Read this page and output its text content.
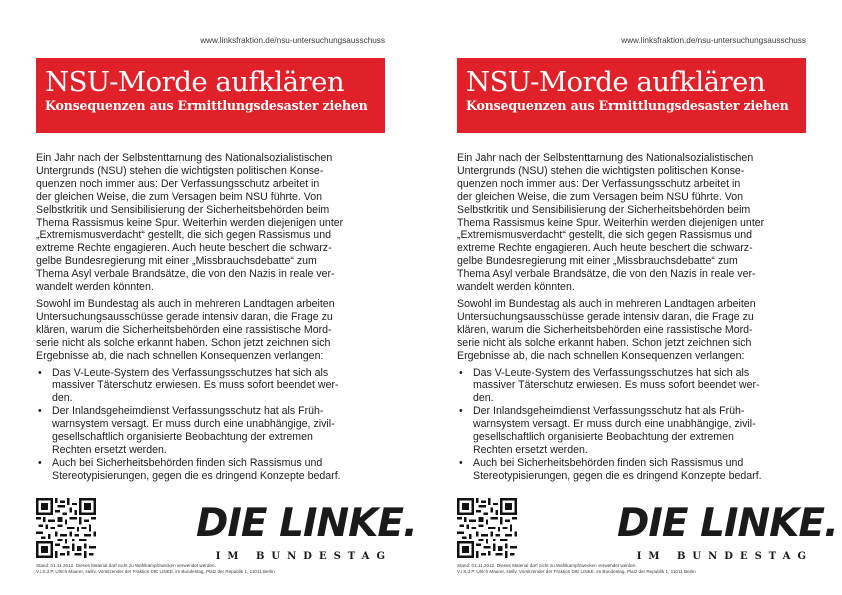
www.linksfraktion.de/nsu-untersuchungsausschuss
NSU-Morde aufklären
Konsequenzen aus Ermittlungsdesaster ziehen

Ein Jahr nach der Selbstenttarnung des Nationalsozialistischen
Untergrunds (NSU) stehen die wichtigsten politischen Konse-
quenzen noch immer aus: Der Verfassungsschutz arbeitet in
der gleichen Weise, die zum Versagen beim NSU führte. Von
Selbstkritik und Sensibilisierung der Sicherheitsbehörden beim
Thema Rassismus keine Spur. Weiterhin werden diejenigen unter
„Extremismusverdacht“ gestellt, die sich gegen Rassismus und
extreme Rechte engagieren. Auch heute beschert die schwarz-
gelbe Bundesregierung mit einer „Missbrauchsdebatte“ zum
Thema Asyl verbale Brandsätze, die von den Nazis in reale ver-
wandelt werden könnten.

Sowohl im Bundestag als auch in mehreren Landtagen arbeiten
Untersuchungsausschüsse gerade intensiv daran, die Frage zu
klären, warum die Sicherheitsbehörden eine rassistische Mord-
serie nicht als solche erkannt haben. Schon jetzt zeichnen sich
Ergebnisse ab, die nach schnellen Konsequenzen verlangen:

• Das V-Leute-System des Verfassungsschutzes hat sich als
massiver Täterschutz erwiesen. Es muss sofort beendet wer-
den.
• Der Inlandsgeheimdienst Verfassungsschutz hat als Früh-
warnsystem versagt. Er muss durch eine unabhängige, zivil-
gesellschaftlich organisierte Beobachtung der extremen
Rechten ersetzt werden.
• Auch bei Sicherheitsbehörden finden sich Rassismus und
Stereotypisierungen, gegen die es dringend Konzepte bedarf.
DIE LINKE.
IM BUNDESTAG
Stand: 01.11.2012. Dieses Material darf nicht zu Wahlkampfzwecken verwendet werden.
V.i.S.d.P. Ulrich Maurer, stellv. Vorsitzender der Fraktion DIE LINKE. im Bundestag, Platz der Republik 1, 11011 Berlin
www.linksfraktion.de/nsu-untersuchungsausschuss
NSU-Morde aufklären
Konsequenzen aus Ermittlungsdesaster ziehen

Ein Jahr nach der Selbstenttarnung des Nationalsozialistischen
Untergrunds (NSU) stehen die wichtigsten politischen Konse-
quenzen noch immer aus: Der Verfassungsschutz arbeitet in
der gleichen Weise, die zum Versagen beim NSU führte. Von
Selbstkritik und Sensibilisierung der Sicherheitsbehörden beim
Thema Rassismus keine Spur. Weiterhin werden diejenigen unter
„Extremismusverdacht“ gestellt, die sich gegen Rassismus und
extreme Rechte engagieren. Auch heute beschert die schwarz-
gelbe Bundesregierung mit einer „Missbrauchsdebatte“ zum
Thema Asyl verbale Brandsätze, die von den Nazis in reale ver-
wandelt werden könnten.

Sowohl im Bundestag als auch in mehreren Landtagen arbeiten
Untersuchungsausschüsse gerade intensiv daran, die Frage zu
klären, warum die Sicherheitsbehörden eine rassistische Mord-
serie nicht als solche erkannt haben. Schon jetzt zeichnen sich
Ergebnisse ab, die nach schnellen Konsequenzen verlangen:

• Das V-Leute-System des Verfassungsschutzes hat sich als
massiver Täterschutz erwiesen. Es muss sofort beendet wer-
den.
• Der Inlandsgeheimdienst Verfassungsschutz hat als Früh-
warnsystem versagt. Er muss durch eine unabhängige, zivil-
gesellschaftlich organisierte Beobachtung der extremen
Rechten ersetzt werden.
• Auch bei Sicherheitsbehörden finden sich Rassismus und
Stereotypisierungen, gegen die es dringend Konzepte bedarf.
DIE LINKE.
IM BUNDESTAG
Stand: 01.11.2012. Dieses Material darf nicht zu Wahlkampfzwecken verwendet werden.
V.i.S.d.P. Ulrich Maurer, stellv. Vorsitzender der Fraktion DIE LINKE. im Bundestag, Platz der Republik 1, 11011 Berlin
